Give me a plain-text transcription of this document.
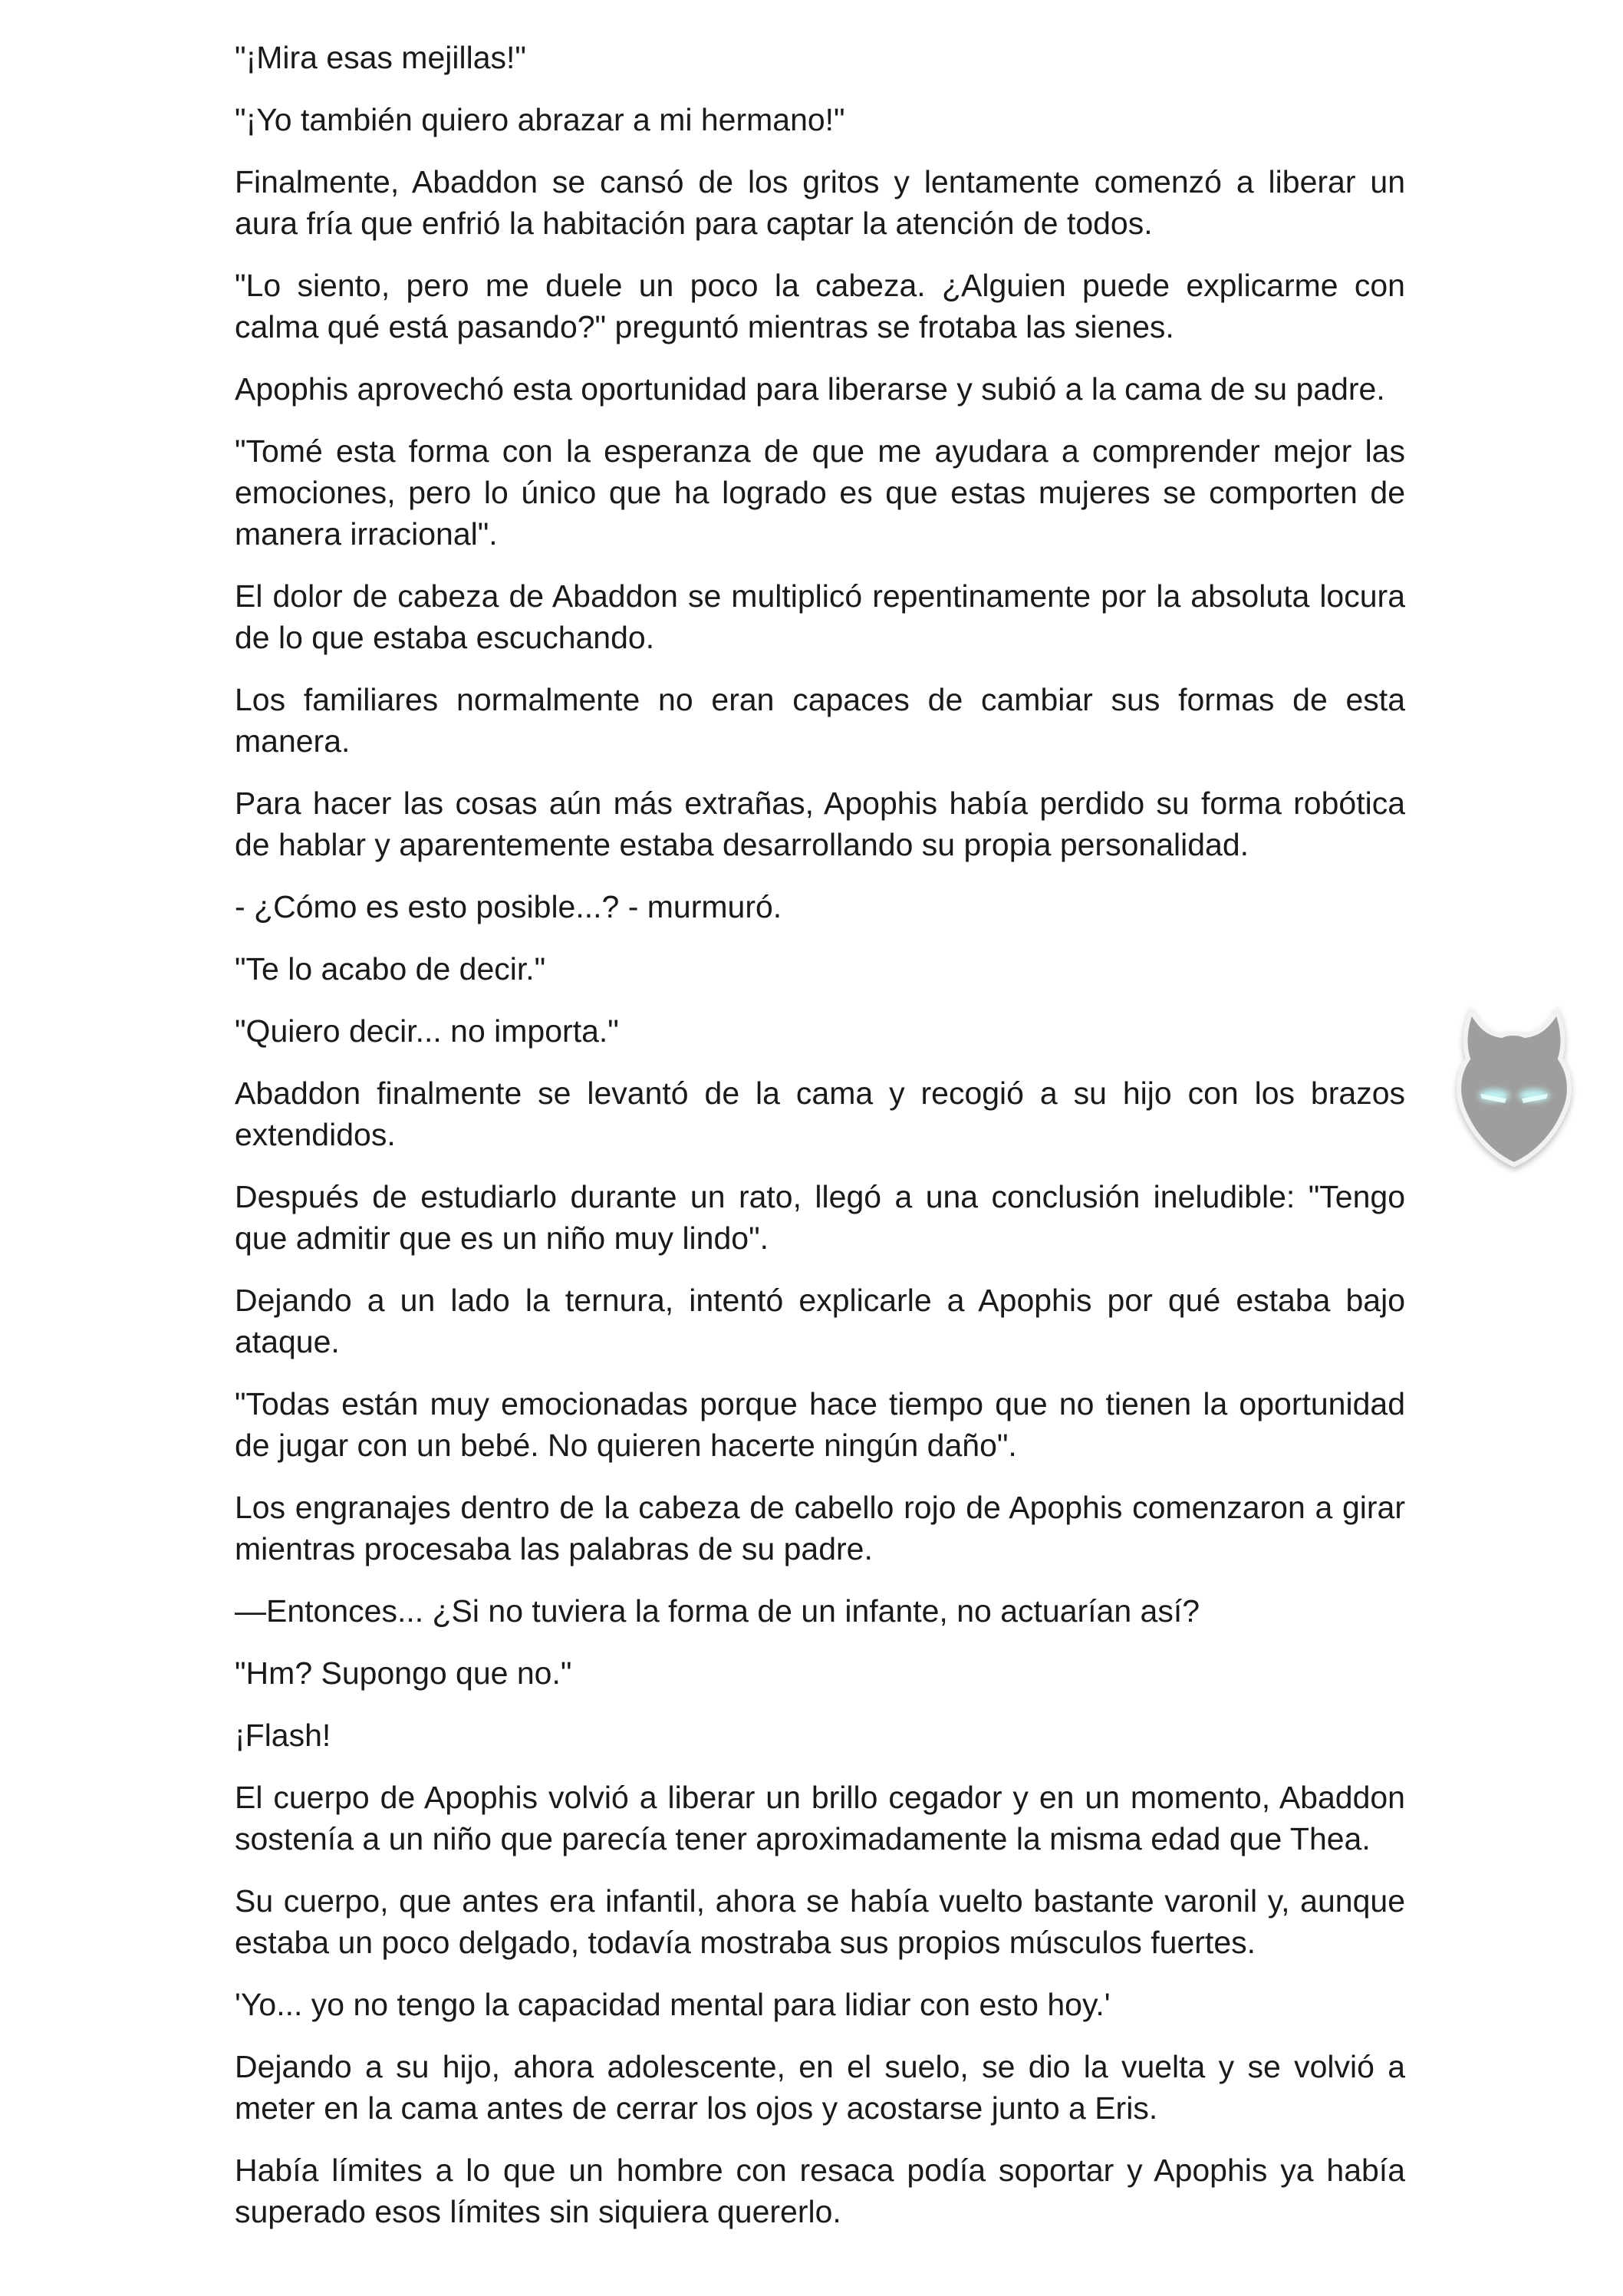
"¡Mira esas mejillas!"

"¡Yo también quiero abrazar a mi hermano!"

Finalmente, Abaddon se cansó de los gritos y lentamente comenzó a liberar un aura fría que enfrió la habitación para captar la atención de todos.

"Lo siento, pero me duele un poco la cabeza. ¿Alguien puede explicarme con calma qué está pasando?" preguntó mientras se frotaba las sienes.

Apophis aprovechó esta oportunidad para liberarse y subió a la cama de su padre.

"Tomé esta forma con la esperanza de que me ayudara a comprender mejor las emociones, pero lo único que ha logrado es que estas mujeres se comporten de manera irracional".

El dolor de cabeza de Abaddon se multiplicó repentinamente por la absoluta locura de lo que estaba escuchando.

Los familiares normalmente no eran capaces de cambiar sus formas de esta manera.

Para hacer las cosas aún más extrañas, Apophis había perdido su forma robótica de hablar y aparentemente estaba desarrollando su propia personalidad.

- ¿Cómo es esto posible...? - murmuró.

"Te lo acabo de decir."

"Quiero decir... no importa."

Abaddon finalmente se levantó de la cama y recogió a su hijo con los brazos extendidos.

Después de estudiarlo durante un rato, llegó a una conclusión ineludible: "Tengo que admitir que es un niño muy lindo".

Dejando a un lado la ternura, intentó explicarle a Apophis por qué estaba bajo ataque.

"Todas están muy emocionadas porque hace tiempo que no tienen la oportunidad de jugar con un bebé. No quieren hacerte ningún daño".

Los engranajes dentro de la cabeza de cabello rojo de Apophis comenzaron a girar mientras procesaba las palabras de su padre.

—Entonces... ¿Si no tuviera la forma de un infante, no actuarían así?

"Hm? Supongo que no."

¡Flash!

El cuerpo de Apophis volvió a liberar un brillo cegador y en un momento, Abaddon sostenía a un niño que parecía tener aproximadamente la misma edad que Thea.

Su cuerpo, que antes era infantil, ahora se había vuelto bastante varonil y, aunque estaba un poco delgado, todavía mostraba sus propios músculos fuertes.

'Yo... yo no tengo la capacidad mental para lidiar con esto hoy.'

Dejando a su hijo, ahora adolescente, en el suelo, se dio la vuelta y se volvió a meter en la cama antes de cerrar los ojos y acostarse junto a Eris.

Había límites a lo que un hombre con resaca podía soportar y Apophis ya había superado esos límites sin siquiera quererlo.
